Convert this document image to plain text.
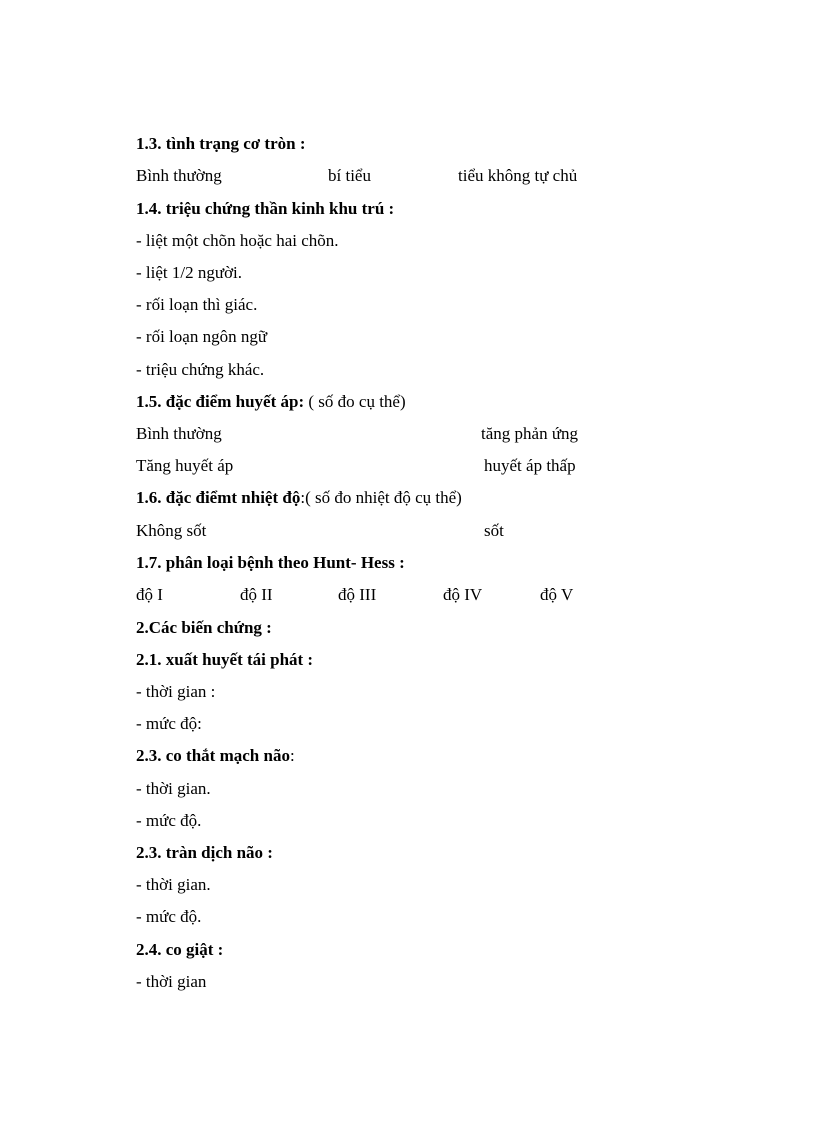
1.3. tình trạng cơ tròn :
Bình thường	bí tiểu	tiểu không tự chủ
1.4. triệu chứng thần kinh khu trú :
- liệt một chõn hoặc hai chõn.
- liệt 1/2 người.
- rối loạn thì giác.
- rối loạn ngôn ngữ
- triệu chứng khác.
1.5. đặc điểm huyết áp: ( số đo cụ thể)
Bình thường	tăng phản ứng
Tăng huyết áp	huyết áp thấp
1.6. đặc điểmt nhiệt độ:( số đo nhiệt độ cụ thể)
Không sốt	sốt
1.7. phân loại bệnh theo Hunt- Hess :
độ I	độ II	độ III	độ IV	độ V
2.Các biến chứng :
2.1. xuất huyết tái phát :
- thời gian :
- mức độ:
2.3. co thắt mạch não:
- thời gian.
- mức độ.
2.3. tràn dịch não :
- thời gian.
- mức độ.
2.4. co giật :
- thời gian
